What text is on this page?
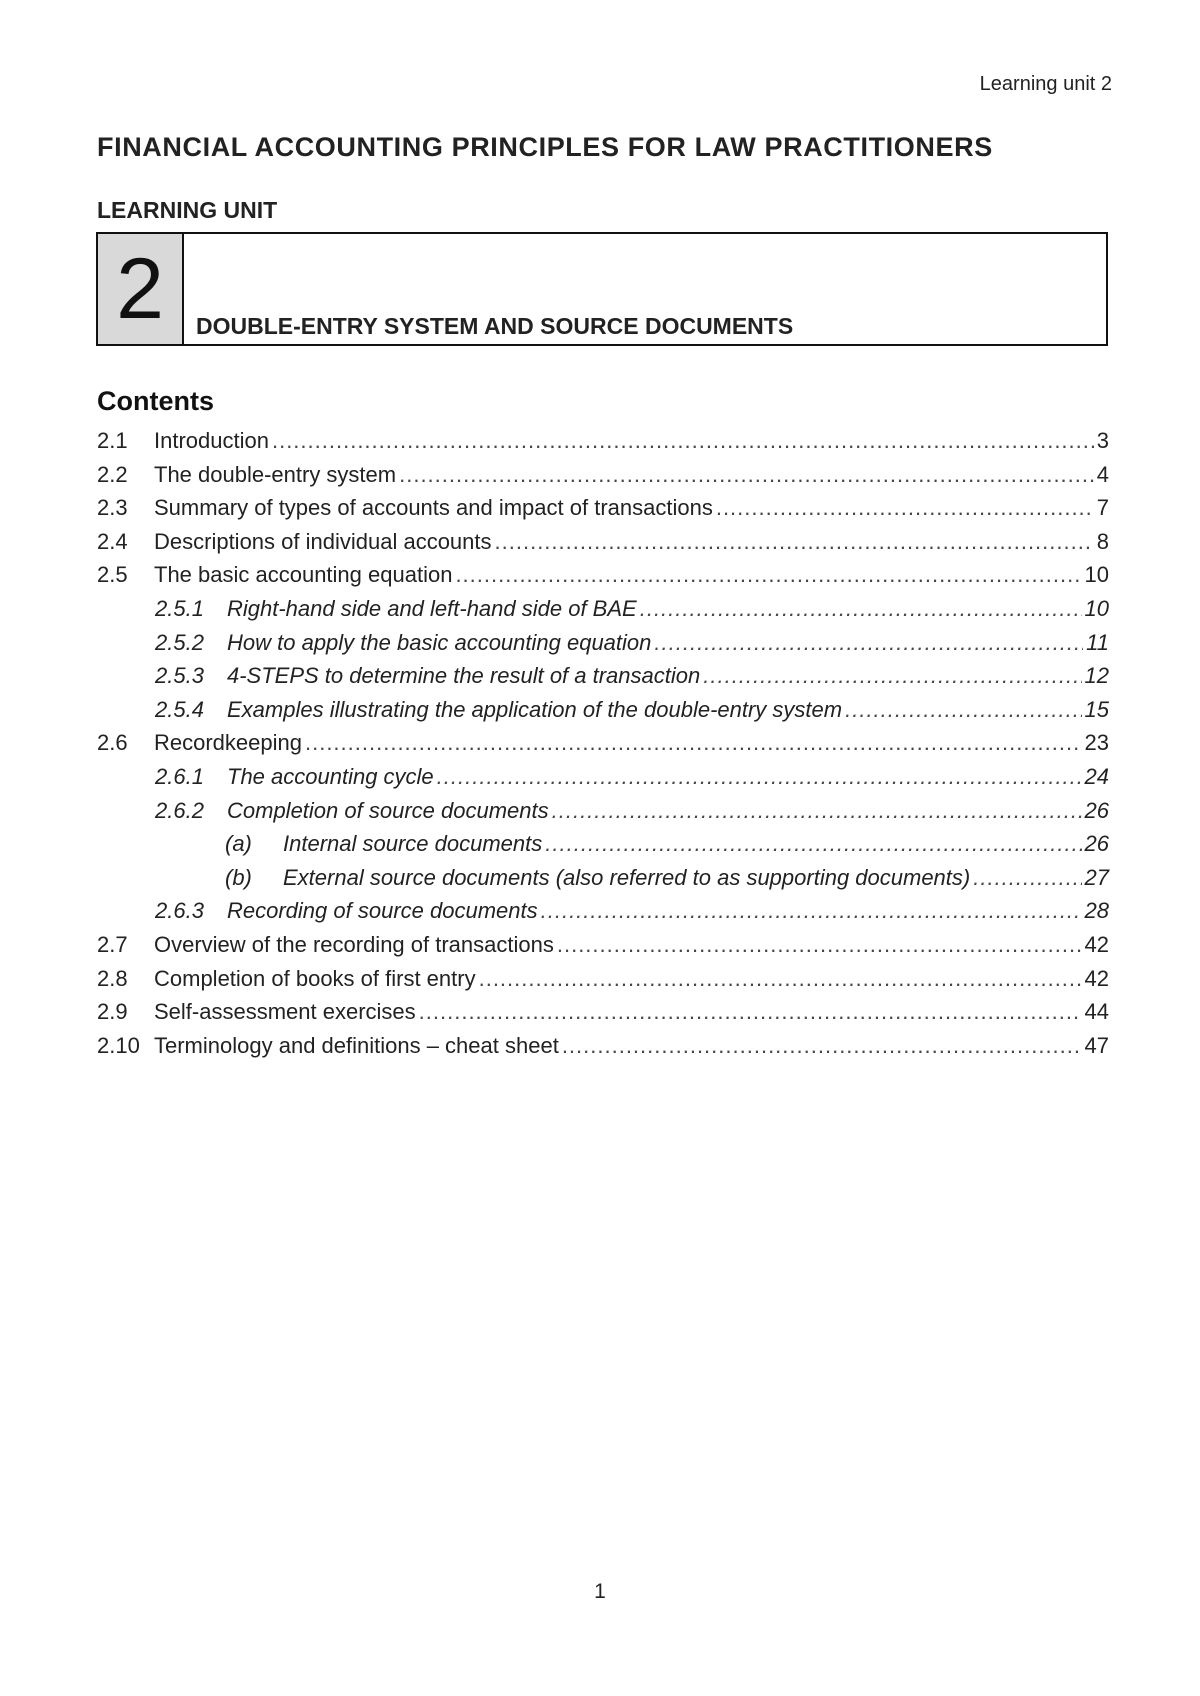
Learning unit 2
FINANCIAL ACCOUNTING PRINCIPLES FOR LAW PRACTITIONERS
LEARNING UNIT
2	DOUBLE-ENTRY SYSTEM AND SOURCE DOCUMENTS
Contents
2.1	Introduction .....	3
2.2	The double-entry system .....	4
2.3	Summary of types of accounts and impact of transactions .....	7
2.4	Descriptions of individual accounts .....	8
2.5	The basic accounting equation .....	10
2.5.1	Right-hand side and left-hand side of BAE .....	10
2.5.2	How to apply the basic accounting equation .....	11
2.5.3	4-STEPS to determine the result of a transaction .....	12
2.5.4	Examples illustrating the application of the double-entry system .....	15
2.6	Recordkeeping .....	23
2.6.1	The accounting cycle .....	24
2.6.2	Completion of source documents .....	26
(a)	Internal source documents .....	26
(b)	External source documents (also referred to as supporting documents) .....	27
2.6.3	Recording of source documents .....	28
2.7	Overview of the recording of transactions .....	42
2.8	Completion of books of first entry .....	42
2.9	Self-assessment exercises .....	44
2.10 Terminology and definitions – cheat sheet .....	47
1
